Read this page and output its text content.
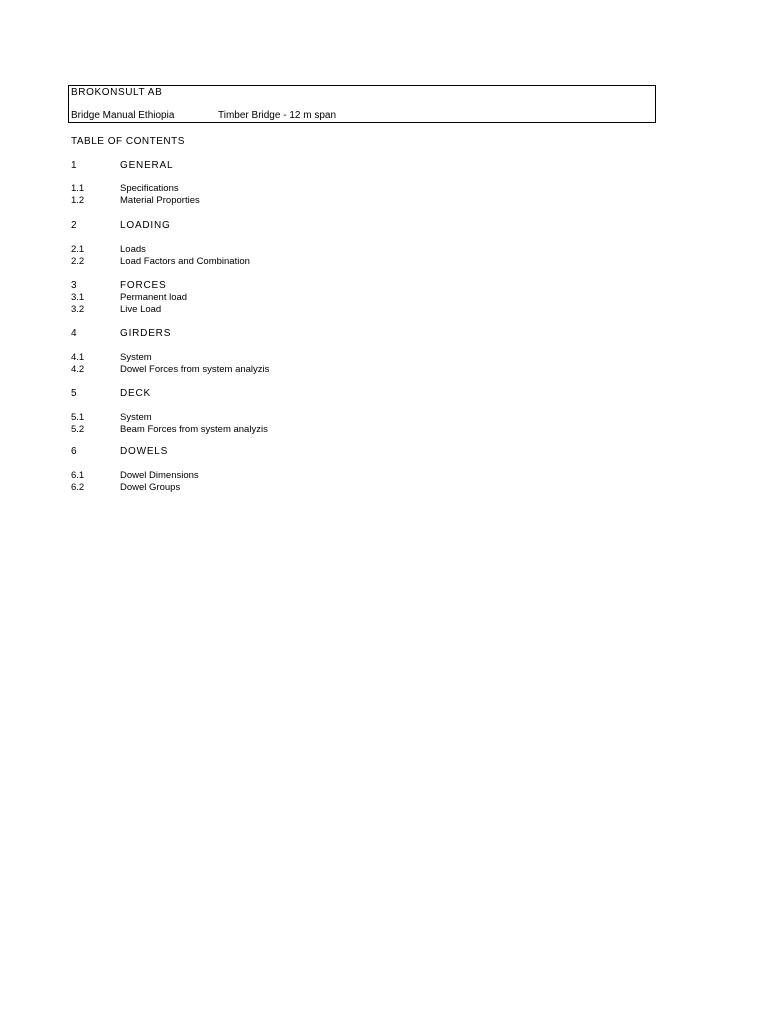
BROKONSULT AB
Bridge Manual Ethiopia	Timber Bridge - 12 m span
TABLE OF CONTENTS
1	GENERAL
1.1	Specifications
1.2	Material Proporties
2	LOADING
2.1	Loads
2.2	Load Factors and Combination
3	FORCES
3.1	Permanent load
3.2	Live Load
4	GIRDERS
4.1	System
4.2	Dowel Forces from system analyzis
5	DECK
5.1	System
5.2	Beam Forces from system analyzis
6	DOWELS
6.1	Dowel Dimensions
6.2	Dowel Groups
